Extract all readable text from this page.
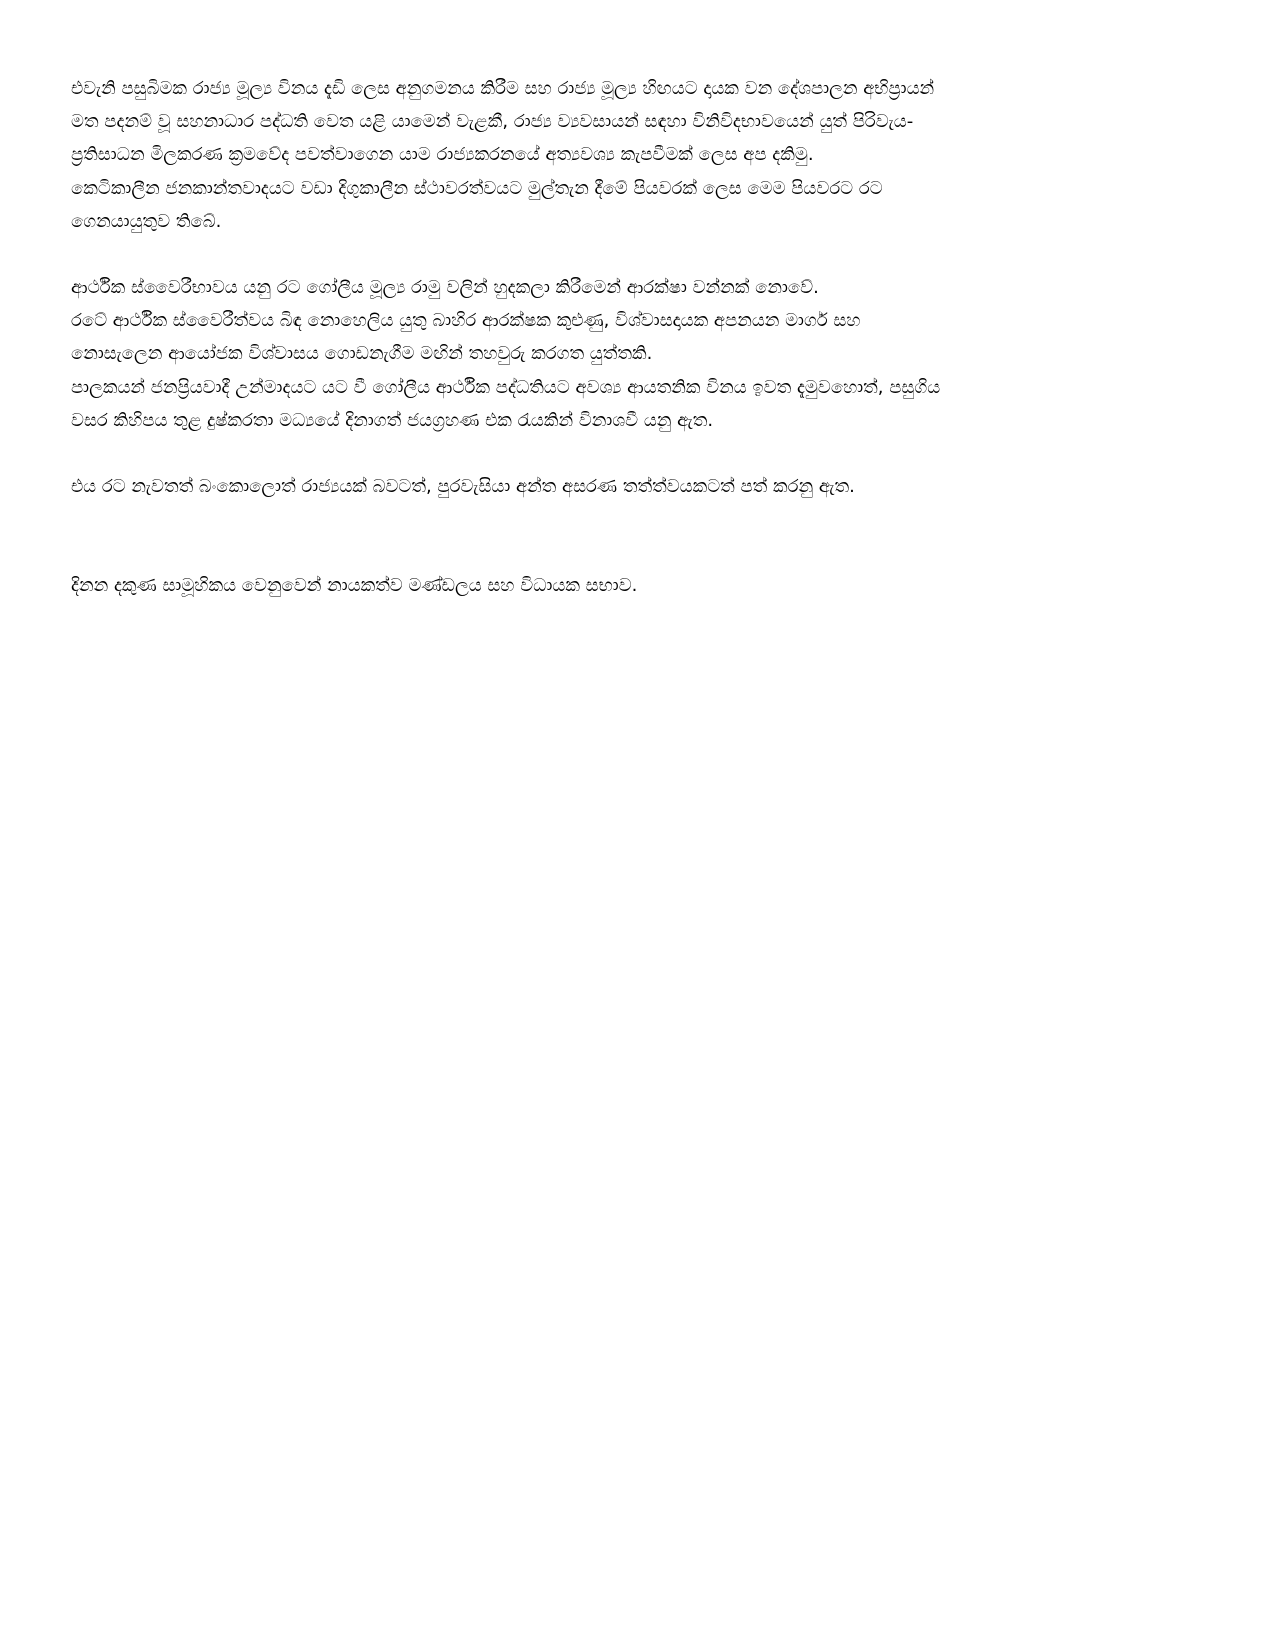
එවැනි පසුබිමක රාජ්‍ය මූල්‍ය විනය දැඩි ලෙස අනුගමනය කිරීම සහ රාජ්‍ය මූල්‍ය හිඟයට දායක වන දේශපාලන අභිප්‍රායන්
මත පදනම් වූ සහනාධාර පද්ධති වෙත යළි යාමෙන් වැළකී, රාජ්‍ය ව්‍යවසායන් සඳහා විනිවිදභාවයෙන් යුත් පිරිවැය-
ප්‍රතිසාධන මිලකරණ ක්‍රමවේද පවත්වාගෙන යාම රාජ්‍යකරනයේ අත්‍යවශ්‍ය කැපවීමක් ලෙස අප දකිමු.
කෙටිකාලීන ජනකාන්තවාදයට වඩා දිගුකාලීන ස්ථාවරත්වයට මුල්තැන දීමේ පියවරක් ලෙස මෙම පියවරට රට
ගෙනයායුතුව තිබේ.

ආර්ථික ස්වෛරීභාවය යනු රට ගෝලීය මූල්‍ය රාමු වලින් හුදකලා කිරීමෙන් ආරක්ෂා වන්නක් නොවේ.
රටේ ආර්ථික ස්වෛරීත්වය බිඳ නොහෙලිය යුතු බාහිර ආරක්ෂක කුළුණු, විශ්වාසදායක අපනයන මාර්ග සහ
නොසැලෙන ආයෝජක විශ්වාසය ගොඩනැගීම මඟින් තහවුරු කරගත යුත්තකි.
පාලකයන් ජනප්‍රියවාදී උන්මාදයට යට වී ගෝලීය ආර්ථික පද්ධතියට අවශ්‍ය ආයතනික විනය ඉවත දැමුවහොත්, පසුගිය
වසර කිහිපය තුළ දුෂ්කරතා මධ්‍යයේ දිනාගත් ජයග්‍රහණ එක රැයකින් විනාශවී යනු ඇත.

එය රට නැවතත් බංකොලොත් රාජ්‍යයක් බවටත්, පුරවැසියා අන්ත අසරණ තත්ත්වයකටත් පත් කරනු ඇත.

දිනන දකුණ සාමූහිකය වෙනුවෙන් නායකත්ව මණ්ඩලය සහ විධායක සභාව.
